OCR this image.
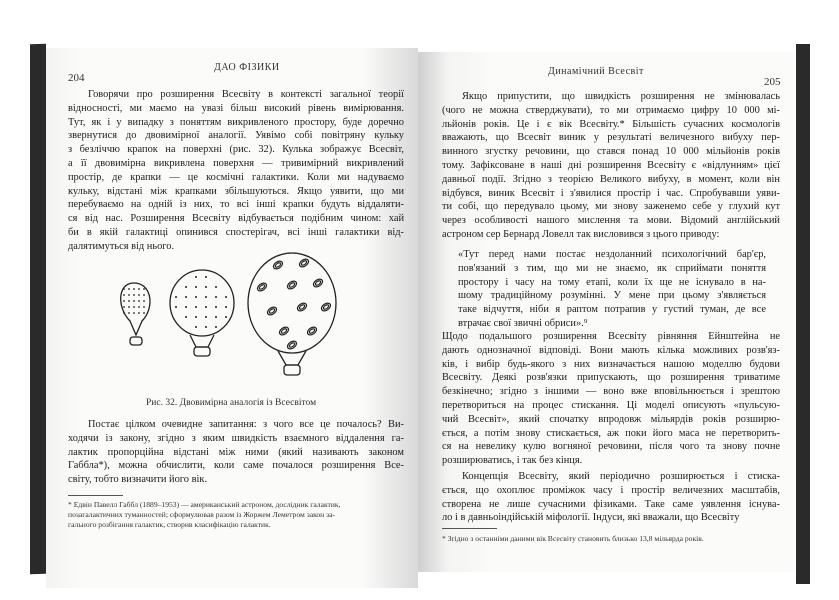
ДАО ФІЗИКИ
204
Говорячи про розширення Всесвіту в контексті загальної теорії
відносності, ми маємо на увазі більш високий рівень вимірювання.
Тут, як і у випадку з поняттям викривленого простору, буде доречно
звернутися до двовимірної аналогії. Уявімо собі повітряну кульку
з безліччю крапок на поверхні (рис. 32). Кулька зображує Всесвіт,
а її двовимірна викривлена поверхня — тривимірний викривлений
простір, де крапки — це космічні галактики. Коли ми надуваємо
кульку, відстані між крапками збільшуються. Якщо уявити, що ми
перебуваємо на одній із них, то всі інші крапки будуть віддаляти-
ся від нас. Розширення Всесвіту відбувається подібним чином: хай
би в якій галактиці опинився спостерігач, всі інші галактики від-
далятимуться від нього.
Рис. 32. Двовимірна аналогія із Всесвітом
Постає цілком очевидне запитання: з чого все це почалось? Ви-
ходячи із закону, згідно з яким швидкість взаємного віддалення га-
лактик пропорційна відстані між ними (який називають законом
Габбла*), можна обчислити, коли саме почалося розширення Все-
світу, тобто визначити його вік.
* Едвін Павелл Габбл (1889–1953) — американський астроном, дослідник галактик,
позагалактичних туманностей; сформулював разом із Жоржем Леметром закон за-
гального розбігання галактик, створив класифікацію галактик.
Динамічний Всесвіт
205
Якщо припустити, що швидкість розширення не змінювалась
(чого не можна стверджувати), то ми отримаємо цифру 10 000 мі-
льйонів років. Це і є вік Всесвіту.* Більшість сучасних космологів
вважають, що Всесвіт виник у результаті величезного вибуху пер-
винного згустку речовини, що стався понад 10 000 мільйонів років
тому. Зафіксоване в наші дні розширення Всесвіту є «відлунням» цієї
давньої події. Згідно з теорією Великого вибуху, в момент, коли він
відбувся, виник Всесвіт і з'явилися простір і час. Спробувавши уяви-
ти собі, що передувало цьому, ми знову заженемо себе у глухий кут
через особливості нашого мислення та мови. Відомий англійський
астроном сер Бернард Ловелл так висловився з цього приводу:
«Тут перед нами постає нездоланний психологічний бар'єр,
пов'язаний з тим, що ми не знаємо, як сприймати поняття
простору і часу на тому етапі, коли їх ще не існувало в на-
шому традиційному розумінні. У мене при цьому з'являється
таке відчуття, ніби я раптом потрапив у густий туман, де все
втрачає свої звичні обриси».⁹
Щодо подальшого розширення Всесвіту рівняння Ейнштейна не
дають однозначної відповіді. Вони мають кілька можливих розв'яз-
ків, і вибір будь-якого з них визначається нашою моделлю будови
Всесвіту. Деякі розв'язки припускають, що розширення триватиме
безкінечно; згідно з іншими — воно вже вповільнюється і зрештою
перетвориться на процес стискання. Ці моделі описують «пульсую-
чий Всесвіт», який спочатку впродовж мільярдів років розширю-
ється, а потім знову стискається, аж поки його маса не перетворить-
ся на невелику кулю вогняної речовини, після чого та знову почне
розширюватись, і так без кінця.
Концепція Всесвіту, який періодично розширюється і стиска-
ється, що охоплює проміжок часу і простір величезних масштабів,
створена не лише сучасними фізиками. Таке саме уявлення існува-
ло і в давньоіндійській міфології. Індуси, які вважали, що Всесвіту
* Згідно з останніми даними вік Всесвіту становить близько 13,8 мільярда років.
